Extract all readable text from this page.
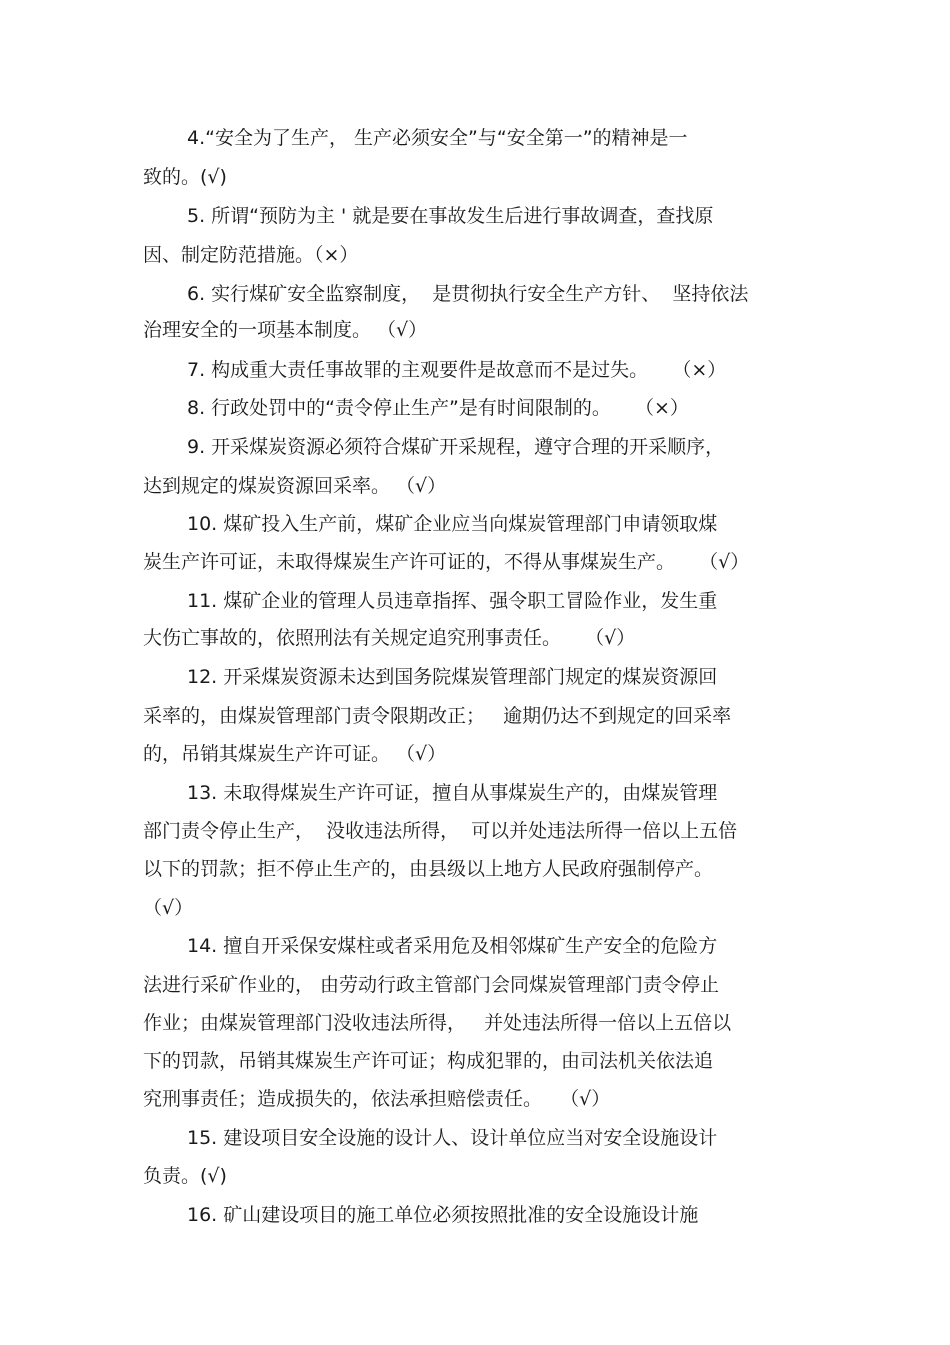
4.“安全为了生产， 生产必须安全”与“安全第一”的精神是一
致的。(√)
5. 所谓“预防为主 ' 就是要在事故发生后进行事故调查，查找原
因、制定防范措施。（×）
6. 实行煤矿安全监察制度，  是贯彻执行安全生产方针、  坚持依法
治理安全的一项基本制度。 （√）
7. 构成重大责任事故罪的主观要件是故意而不是过失。    （×）
8. 行政处罚中的“责令停止生产”是有时间限制的。    （×）
9. 开采煤炭资源必须符合煤矿开采规程，遵守合理的开采顺序，
达到规定的煤炭资源回采率。 （√）
10. 煤矿投入生产前，煤矿企业应当向煤炭管理部门申请领取煤
炭生产许可证，未取得煤炭生产许可证的，不得从事煤炭生产。    （√）
11. 煤矿企业的管理人员违章指挥、强令职工冒险作业，发生重
大伤亡事故的，依照刑法有关规定追究刑事责任。    （√）
12. 开采煤炭资源未达到国务院煤炭管理部门规定的煤炭资源回
采率的，由煤炭管理部门责令限期改正；   逾期仍达不到规定的回采率
的，吊销其煤炭生产许可证。 （√）
13. 未取得煤炭生产许可证，擅自从事煤炭生产的，由煤炭管理
部门责令停止生产，  没收违法所得，  可以并处违法所得一倍以上五倍
以下的罚款；拒不停止生产的，由县级以上地方人民政府强制停产。
（√）
14. 擅自开采保安煤柱或者采用危及相邻煤矿生产安全的危险方
法进行采矿作业的， 由劳动行政主管部门会同煤炭管理部门责令停止
作业；由煤炭管理部门没收违法所得，   并处违法所得一倍以上五倍以
下的罚款，吊销其煤炭生产许可证；构成犯罪的，由司法机关依法追
究刑事责任；造成损失的，依法承担赔偿责任。   （√）
15. 建设项目安全设施的设计人、设计单位应当对安全设施设计
负责。(√)
16. 矿山建设项目的施工单位必须按照批准的安全设施设计施
